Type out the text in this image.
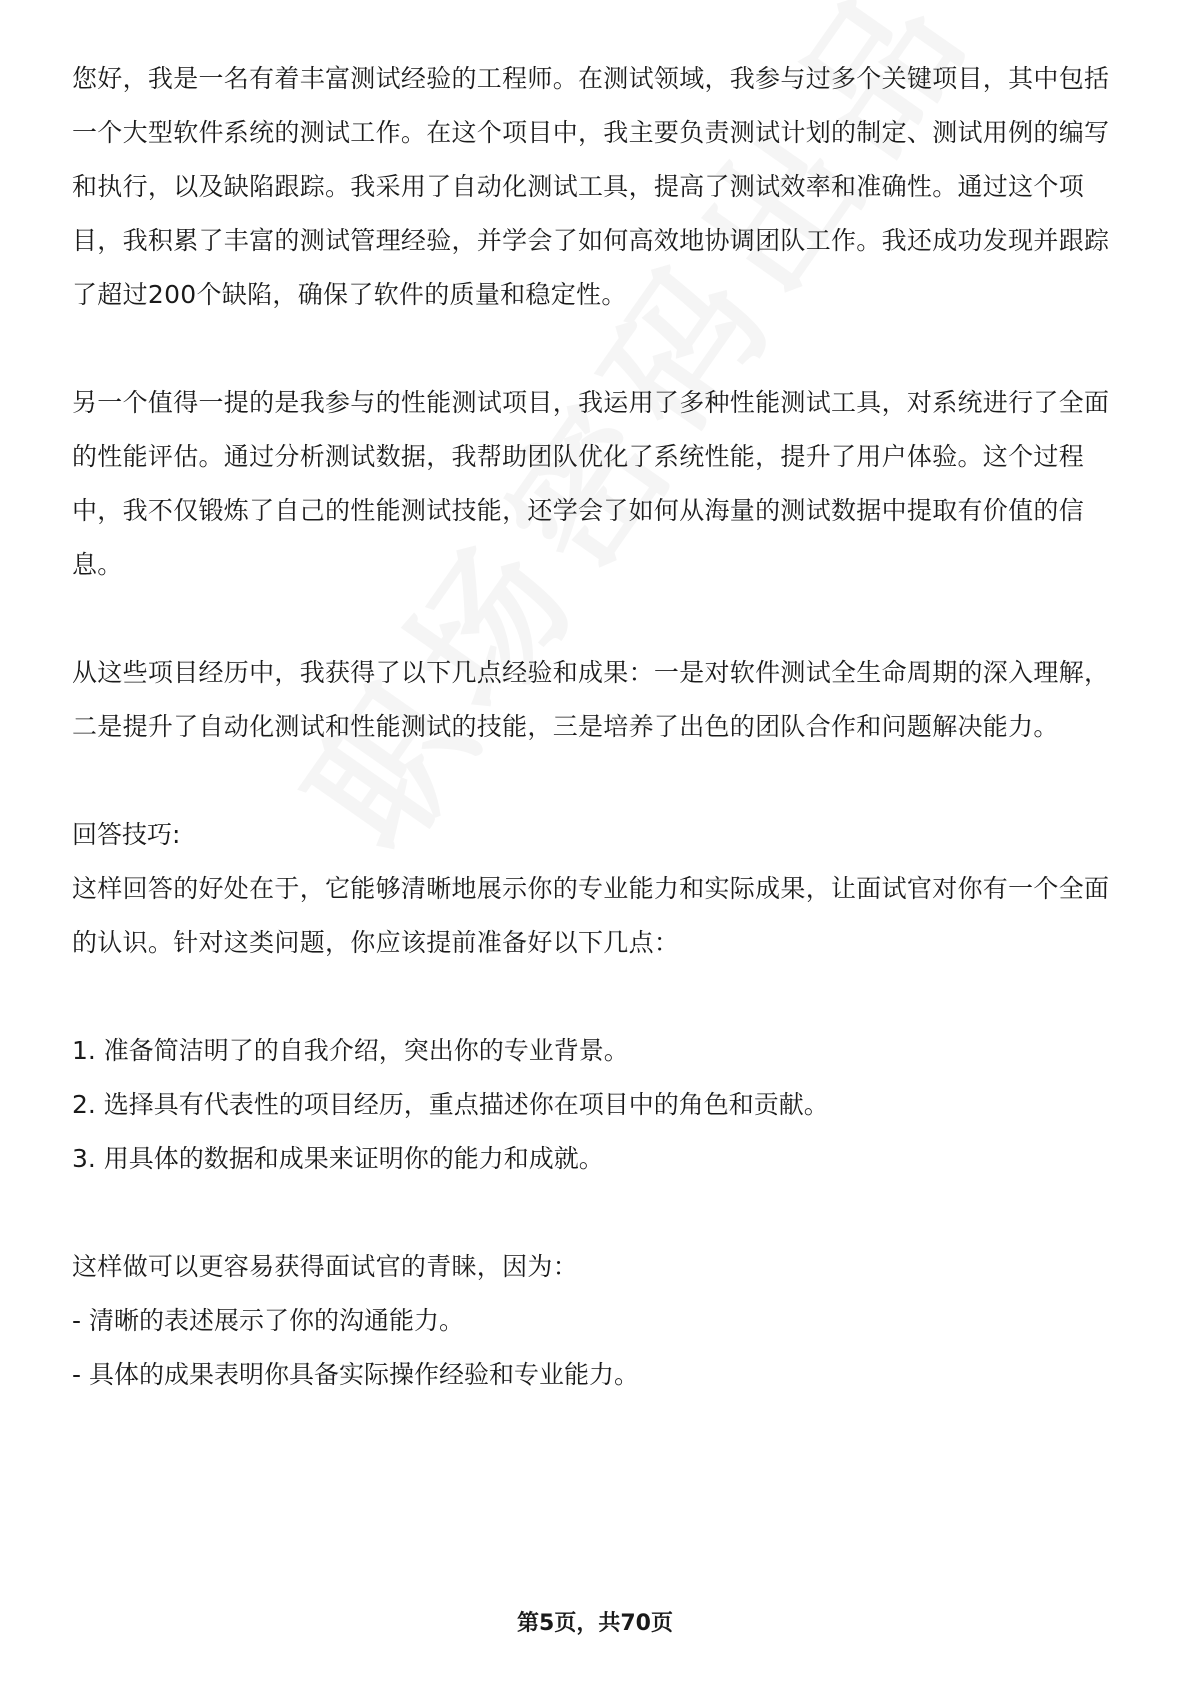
您好，我是一名有着丰富测试经验的工程师。在测试领域，我参与过多个关键项目，其中包括一个大型软件系统的测试工作。在这个项目中，我主要负责测试计划的制定、测试用例的编写和执行，以及缺陷跟踪。我采用了自动化测试工具，提高了测试效率和准确性。通过这个项目，我积累了丰富的测试管理经验，并学会了如何高效地协调团队工作。我还成功发现并跟踪了超过200个缺陷，确保了软件的质量和稳定性。

另一个值得一提的是我参与的性能测试项目，我运用了多种性能测试工具，对系统进行了全面的性能评估。通过分析测试数据，我帮助团队优化了系统性能，提升了用户体验。这个过程中，我不仅锻炼了自己的性能测试技能，还学会了如何从海量的测试数据中提取有价值的信息。

从这些项目经历中，我获得了以下几点经验和成果：一是对软件测试全生命周期的深入理解，二是提升了自动化测试和性能测试的技能，三是培养了出色的团队合作和问题解决能力。

回答技巧:

这样回答的好处在于，它能够清晰地展示你的专业能力和实际成果，让面试官对你有一个全面的认识。针对这类问题，你应该提前准备好以下几点：

1. 准备简洁明了的自我介绍，突出你的专业背景。

2. 选择具有代表性的项目经历，重点描述你在项目中的角色和贡献。

3. 用具体的数据和成果来证明你的能力和成就。

这样做可以更容易获得面试官的青睐，因为：

- 清晰的表述展示了你的沟通能力。

- 具体的成果表明你具备实际操作经验和专业能力。

第5页，共70页
